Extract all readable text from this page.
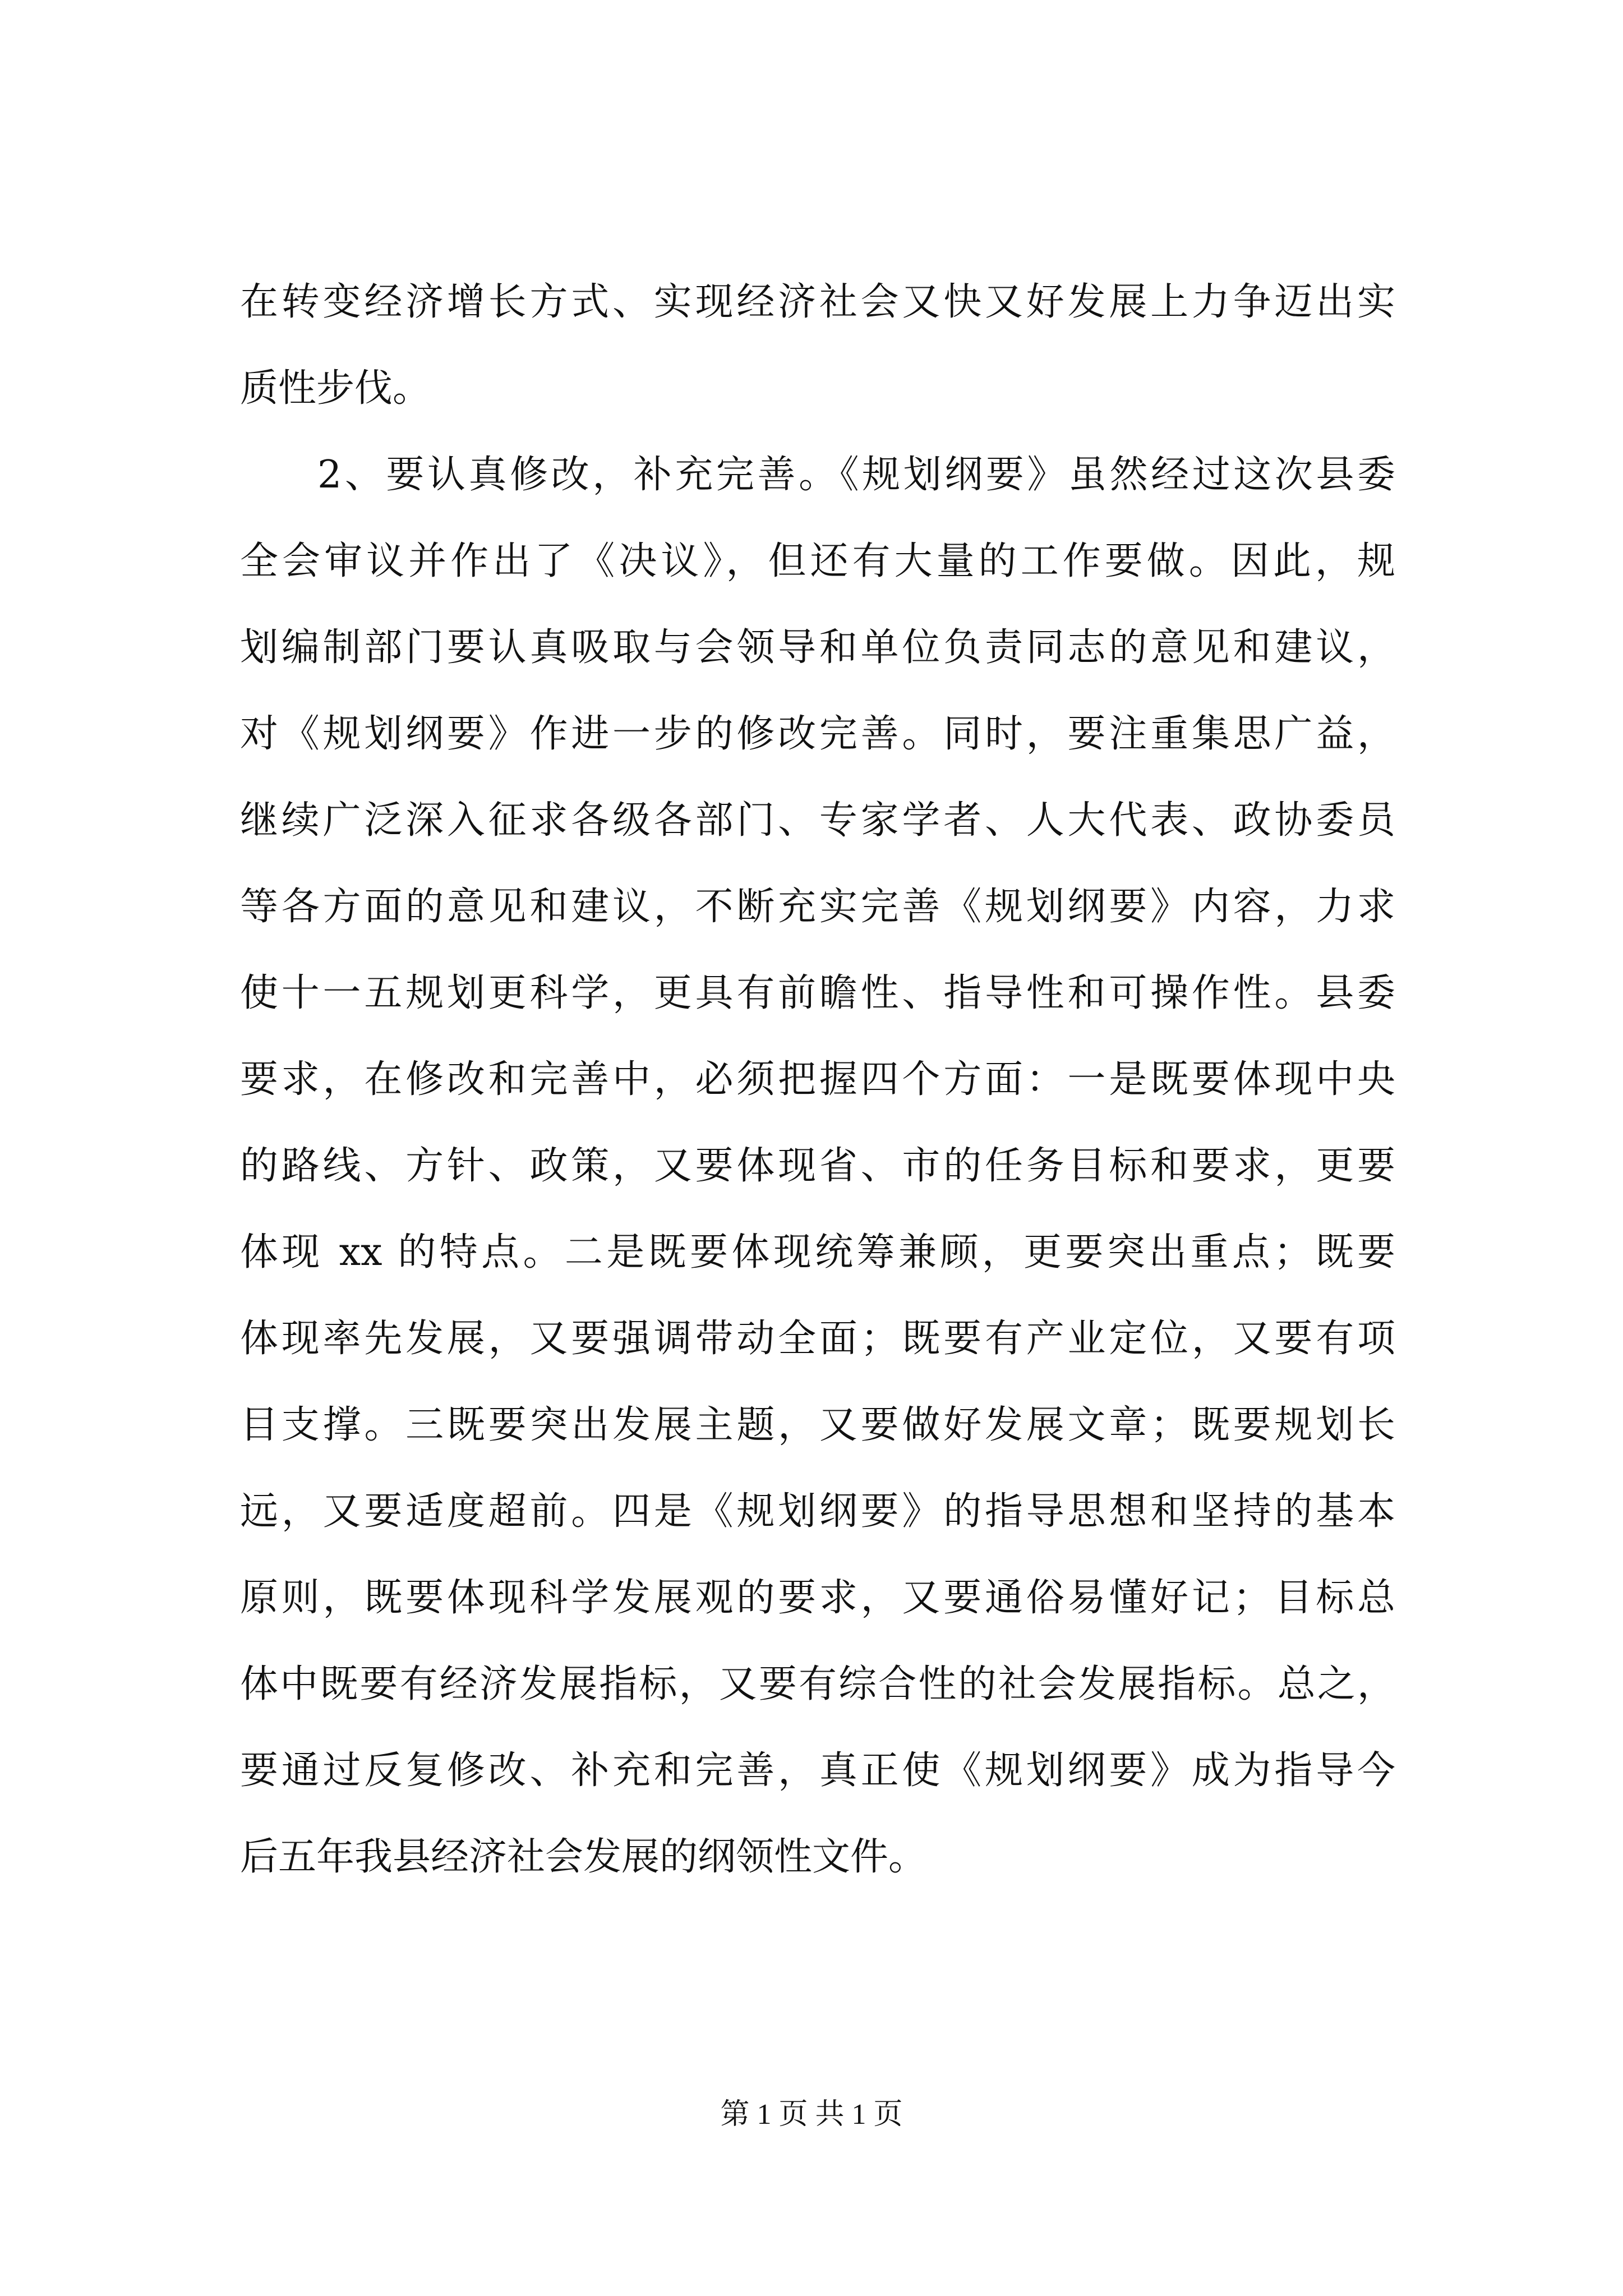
在转变经济增长方式、实现经济社会又快又好发展上力争迈出实
质性步伐。
2、要认真修改，补充完善。《规划纲要》虽然经过这次县委
全会审议并作出了《决议》，但还有大量的工作要做。因此，规
划编制部门要认真吸取与会领导和单位负责同志的意见和建议，
对《规划纲要》作进一步的修改完善。同时，要注重集思广益，
继续广泛深入征求各级各部门、专家学者、人大代表、政协委员
等各方面的意见和建议，不断充实完善《规划纲要》内容，力求
使十一五规划更科学，更具有前瞻性、指导性和可操作性。县委
要求，在修改和完善中，必须把握四个方面：一是既要体现中央
的路线、方针、政策，又要体现省、市的任务目标和要求，更要
体现 xx 的特点。二是既要体现统筹兼顾，更要突出重点；既要
体现率先发展，又要强调带动全面；既要有产业定位，又要有项
目支撑。三既要突出发展主题，又要做好发展文章；既要规划长
远，又要适度超前。四是《规划纲要》的指导思想和坚持的基本
原则，既要体现科学发展观的要求，又要通俗易懂好记；目标总
体中既要有经济发展指标，又要有综合性的社会发展指标。总之，
要通过反复修改、补充和完善，真正使《规划纲要》成为指导今
后五年我县经济社会发展的纲领性文件。
第 1 页 共 1 页
